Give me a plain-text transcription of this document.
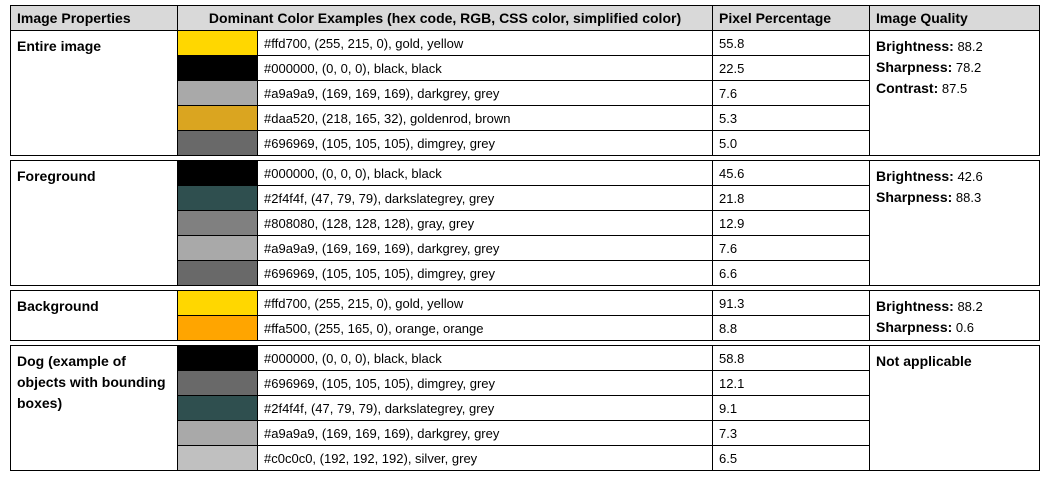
Image Properties	Dominant Color Examples (hex code, RGB, CSS color, simplified color)		Pixel Percentage	Image Quality
Entire image		#ffd700, (255, 215, 0), gold, yellow	55.8	Brightness: 88.2
Sharpness: 78.2
Contrast: 87.5

		#000000, (0, 0, 0), black, black	22.5	

		#a9a9a9, (169, 169, 169), darkgrey, grey	7.6	

		#daa520, (218, 165, 32), goldenrod, brown	5.3	

		#696969, (105, 105, 105), dimgrey, grey	5.0	

Foreground		#000000, (0, 0, 0), black, black	45.6	Brightness: 42.6
Sharpness: 88.3

		#2f4f4f, (47, 79, 79), darkslategrey, grey	21.8	

		#808080, (128, 128, 128), gray, grey	12.9	

		#a9a9a9, (169, 169, 169), darkgrey, grey	7.6	

		#696969, (105, 105, 105), dimgrey, grey	6.6	

Background		#ffd700, (255, 215, 0), gold, yellow	91.3	Brightness: 88.2
Sharpness: 0.6

		#ffa500, (255, 165, 0), orange, orange	8.8	

Dog (example of objects with bounding boxes)		#000000, (0, 0, 0), black, black	58.8	Not applicable

		#696969, (105, 105, 105), dimgrey, grey	12.1	

		#2f4f4f, (47, 79, 79), darkslategrey, grey	9.1	

		#a9a9a9, (169, 169, 169), darkgrey, grey	7.3	

		#c0c0c0, (192, 192, 192), silver, grey	6.5	
